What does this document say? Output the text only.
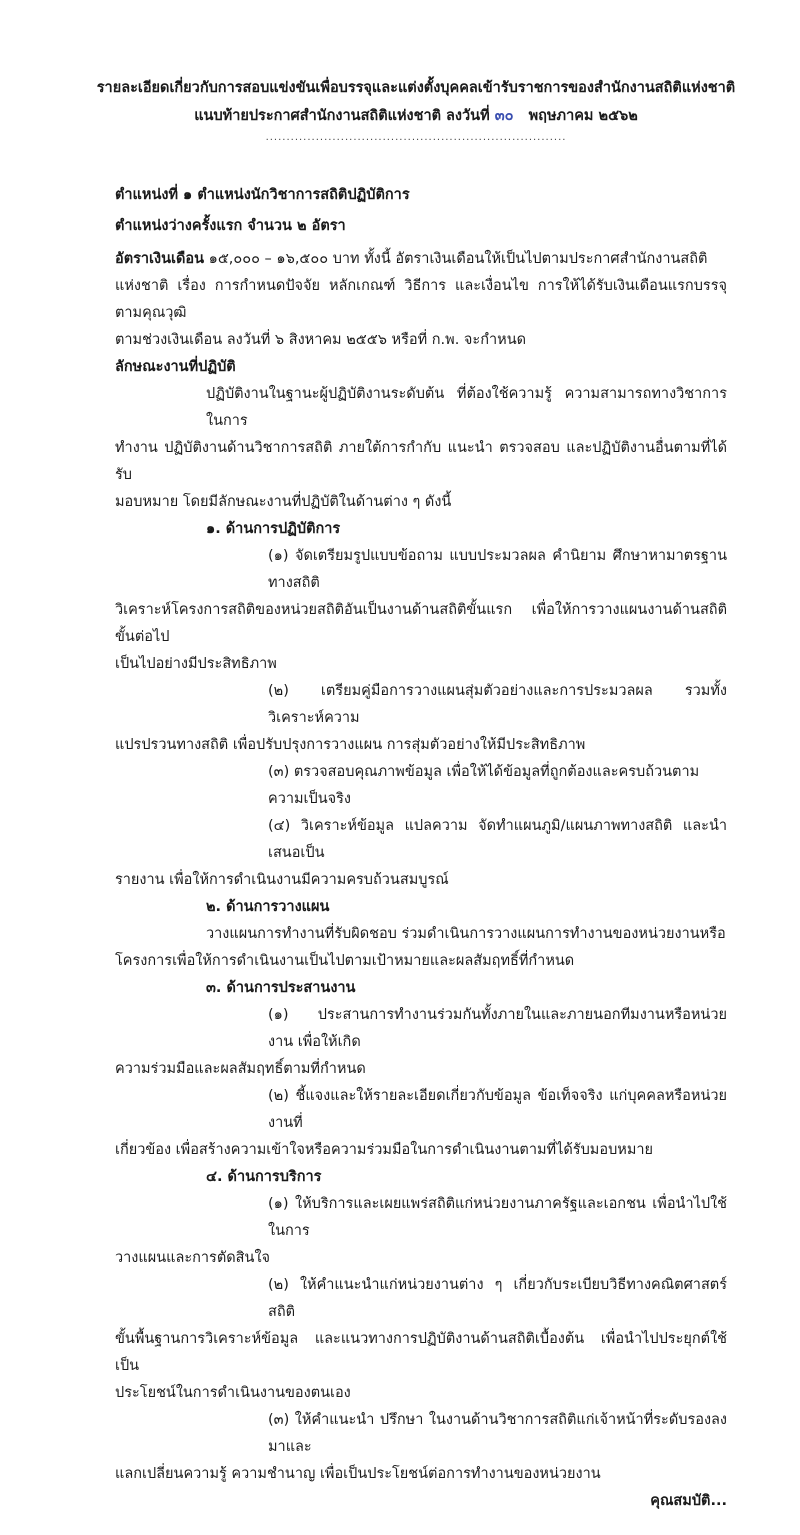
รายละเอียดเกี่ยวกับการสอบแข่งขันเพื่อบรรจุและแต่งตั้งบุคคลเข้ารับราชการของสำนักงานสถิติแห่งชาติ
แนบท้ายประกาศสำนักงานสถิติแห่งชาติ ลงวันที่ ๓๐ พฤษภาคม ๒๕๖๒
........................................................................
ตำแหน่งที่ ๑ ตำแหน่งนักวิชาการสถิติปฏิบัติการ
ตำแหน่งว่างครั้งแรก จำนวน ๒ อัตรา
อัตราเงินเดือน ๑๕,๐๐๐ – ๑๖,๕๐๐ บาท ทั้งนี้ อัตราเงินเดือนให้เป็นไปตามประกาศสำนักงานสถิติ
แห่งชาติ เรื่อง การกำหนดปัจจัย หลักเกณฑ์ วิธีการ และเงื่อนไข การให้ได้รับเงินเดือนแรกบรรจุตามคุณวุฒิ
ตามช่วงเงินเดือน ลงวันที่ ๖ สิงหาคม ๒๕๕๖ หรือที่ ก.พ. จะกำหนด
ลักษณะงานที่ปฏิบัติ
ปฏิบัติงานในฐานะผู้ปฏิบัติงานระดับต้น ที่ต้องใช้ความรู้ ความสามารถทางวิชาการในการ
ทำงาน ปฏิบัติงานด้านวิชาการสถิติ ภายใต้การกำกับ แนะนำ ตรวจสอบ และปฏิบัติงานอื่นตามที่ได้รับ
มอบหมาย โดยมีลักษณะงานที่ปฏิบัติในด้านต่าง ๆ ดังนี้
๑. ด้านการปฏิบัติการ
(๑) จัดเตรียมรูปแบบข้อถาม แบบประมวลผล คำนิยาม ศึกษาหามาตรฐานทางสถิติ
วิเคราะห์โครงการสถิติของหน่วยสถิติอันเป็นงานด้านสถิติขั้นแรก เพื่อให้การวางแผนงานด้านสถิติขั้นต่อไป
เป็นไปอย่างมีประสิทธิภาพ
(๒) เตรียมคู่มือการวางแผนสุ่มตัวอย่างและการประมวลผล รวมทั้งวิเคราะห์ความ
แปรปรวนทางสถิติ เพื่อปรับปรุงการวางแผน การสุ่มตัวอย่างให้มีประสิทธิภาพ
(๓) ตรวจสอบคุณภาพข้อมูล เพื่อให้ได้ข้อมูลที่ถูกต้องและครบถ้วนตามความเป็นจริง
(๔) วิเคราะห์ข้อมูล แปลความ จัดทำแผนภูมิ/แผนภาพทางสถิติ และนำเสนอเป็น
รายงาน เพื่อให้การดำเนินงานมีความครบถ้วนสมบูรณ์
๒. ด้านการวางแผน
วางแผนการทำงานที่รับผิดชอบ ร่วมดำเนินการวางแผนการทำงานของหน่วยงานหรือ
โครงการเพื่อให้การดำเนินงานเป็นไปตามเป้าหมายและผลสัมฤทธิ์ที่กำหนด
๓. ด้านการประสานงาน
(๑) ประสานการทำงานร่วมกันทั้งภายในและภายนอกทีมงานหรือหน่วยงาน เพื่อให้เกิด
ความร่วมมือและผลสัมฤทธิ์ตามที่กำหนด
(๒) ชี้แจงและให้รายละเอียดเกี่ยวกับข้อมูล ข้อเท็จจริง แก่บุคคลหรือหน่วยงานที่
เกี่ยวข้อง เพื่อสร้างความเข้าใจหรือความร่วมมือในการดำเนินงานตามที่ได้รับมอบหมาย
๔. ด้านการบริการ
(๑) ให้บริการและเผยแพร่สถิติแก่หน่วยงานภาครัฐและเอกชน เพื่อนำไปใช้ในการ
วางแผนและการตัดสินใจ
(๒) ให้คำแนะนำแก่หน่วยงานต่าง ๆ เกี่ยวกับระเบียบวิธีทางคณิตศาสตร์ สถิติ
ขั้นพื้นฐานการวิเคราะห์ข้อมูล และแนวทางการปฏิบัติงานด้านสถิติเบื้องต้น เพื่อนำไปประยุกต์ใช้เป็น
ประโยชน์ในการดำเนินงานของตนเอง
(๓) ให้คำแนะนำ ปรึกษา ในงานด้านวิชาการสถิติแก่เจ้าหน้าที่ระดับรองลงมาและ
แลกเปลี่ยนความรู้ ความชำนาญ เพื่อเป็นประโยชน์ต่อการทำงานของหน่วยงาน
คุณสมบัติ...
